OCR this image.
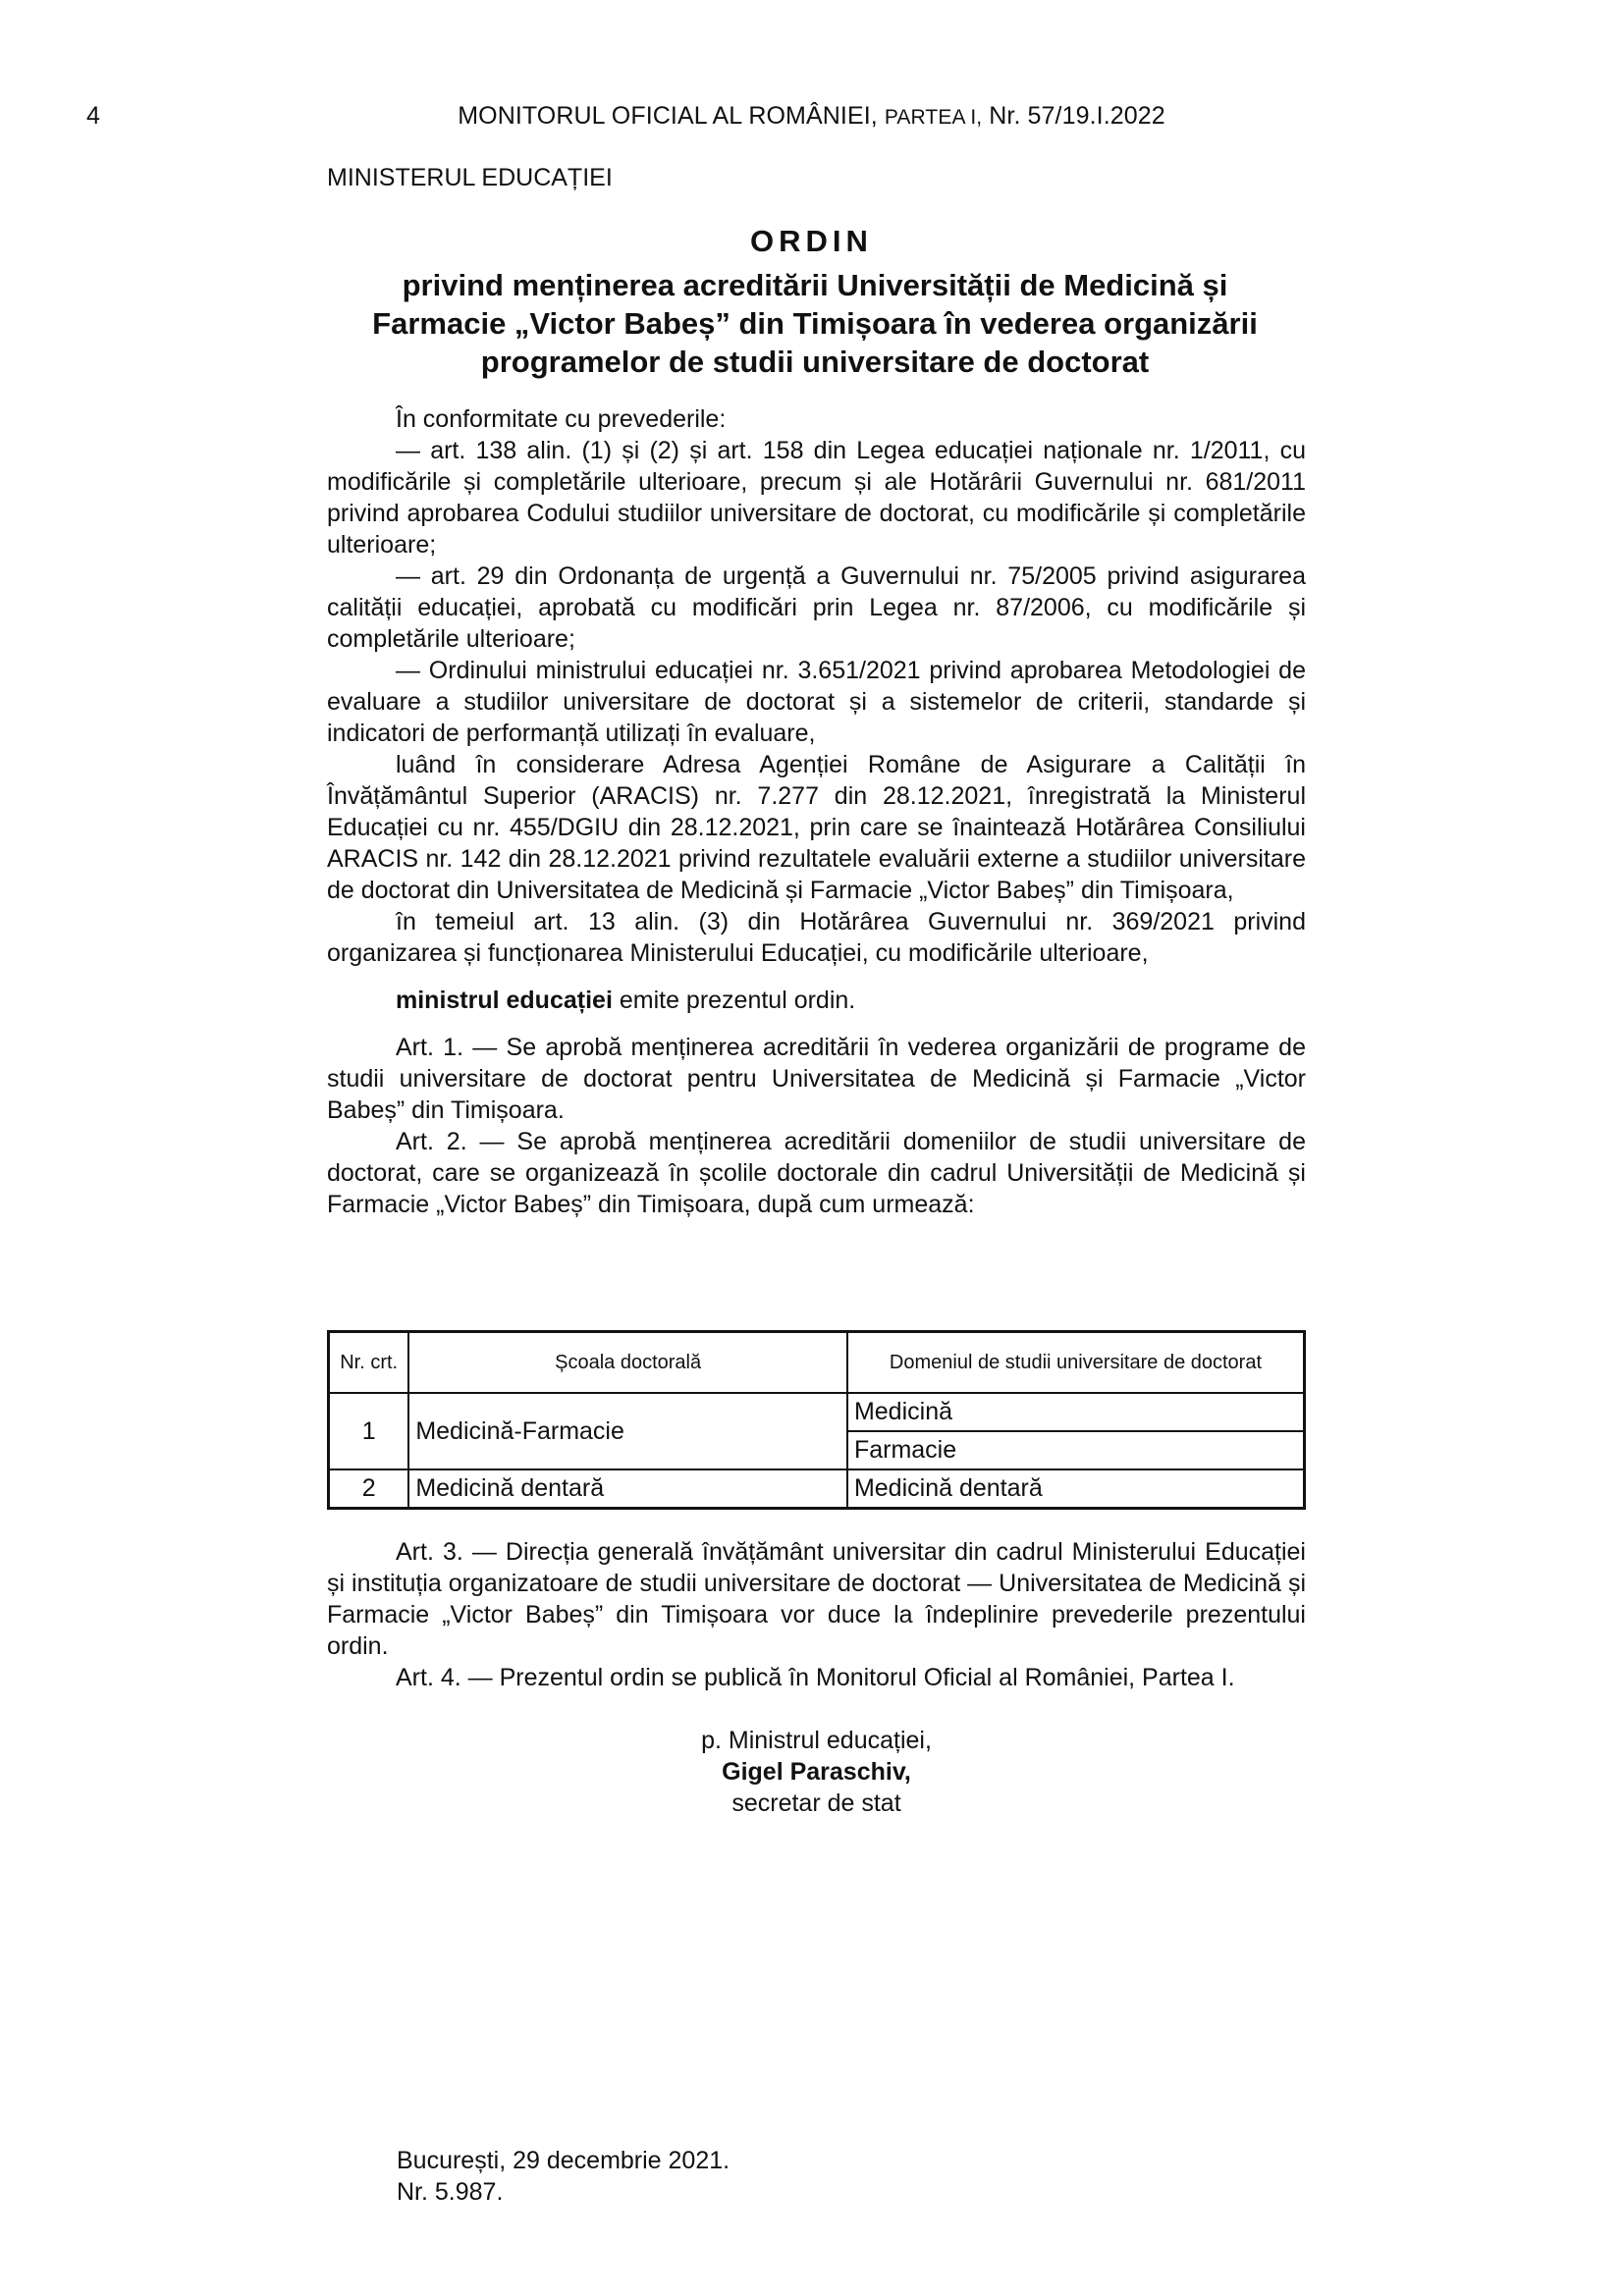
4	MONITORUL OFICIAL AL ROMÂNIEI, PARTEA I, Nr. 57/19.I.2022
MINISTERUL EDUCAȚIEI
ORDIN
privind menținerea acreditării Universității de Medicină și Farmacie „Victor Babeș” din Timișoara în vederea organizării programelor de studii universitare de doctorat

În conformitate cu prevederile:

— art. 138 alin. (1) și (2) și art. 158 din Legea educației naționale nr. 1/2011, cu modificările și completările ulterioare, precum și ale Hotărârii Guvernului nr. 681/2011 privind aprobarea Codului studiilor universitare de doctorat, cu modificările și completările ulterioare;

— art. 29 din Ordonanța de urgență a Guvernului nr. 75/2005 privind asigurarea calității educației, aprobată cu modificări prin Legea nr. 87/2006, cu modificările și completările ulterioare;

— Ordinului ministrului educației nr. 3.651/2021 privind aprobarea Metodologiei de evaluare a studiilor universitare de doctorat și a sistemelor de criterii, standarde și indicatori de performanță utilizați în evaluare,

luând în considerare Adresa Agenției Române de Asigurare a Calității în Învățământul Superior (ARACIS) nr. 7.277 din 28.12.2021, înregistrată la Ministerul Educației cu nr. 455/DGIU din 28.12.2021, prin care se înaintează Hotărârea Consiliului ARACIS nr. 142 din 28.12.2021 privind rezultatele evaluării externe a studiilor universitare de doctorat din Universitatea de Medicină și Farmacie „Victor Babeș” din Timișoara,

în temeiul art. 13 alin. (3) din Hotărârea Guvernului nr. 369/2021 privind organizarea și funcționarea Ministerului Educației, cu modificările ulterioare,

ministrul educației emite prezentul ordin.

Art. 1. — Se aprobă menținerea acreditării în vederea organizării de programe de studii universitare de doctorat pentru Universitatea de Medicină și Farmacie „Victor Babeș” din Timișoara.

Art. 2. — Se aprobă menținerea acreditării domeniilor de studii universitare de doctorat, care se organizează în școlile doctorale din cadrul Universității de Medicină și Farmacie „Victor Babeș” din Timișoara, după cum urmează:

Nr. crt.	Școala doctorală	Domeniul de studii universitare de doctorat
1	Medicină-Farmacie	Medicină
		Farmacie
2	Medicină dentară	Medicină dentară

Art. 3. — Direcția generală învățământ universitar din cadrul Ministerului Educației și instituția organizatoare de studii universitare de doctorat — Universitatea de Medicină și Farmacie „Victor Babeș” din Timișoara vor duce la îndeplinire prevederile prezentului ordin.

Art. 4. — Prezentul ordin se publică în Monitorul Oficial al României, Partea I.

p. Ministrul educației,
Gigel Paraschiv,
secretar de stat
București, 29 decembrie 2021.
Nr. 5.987.
